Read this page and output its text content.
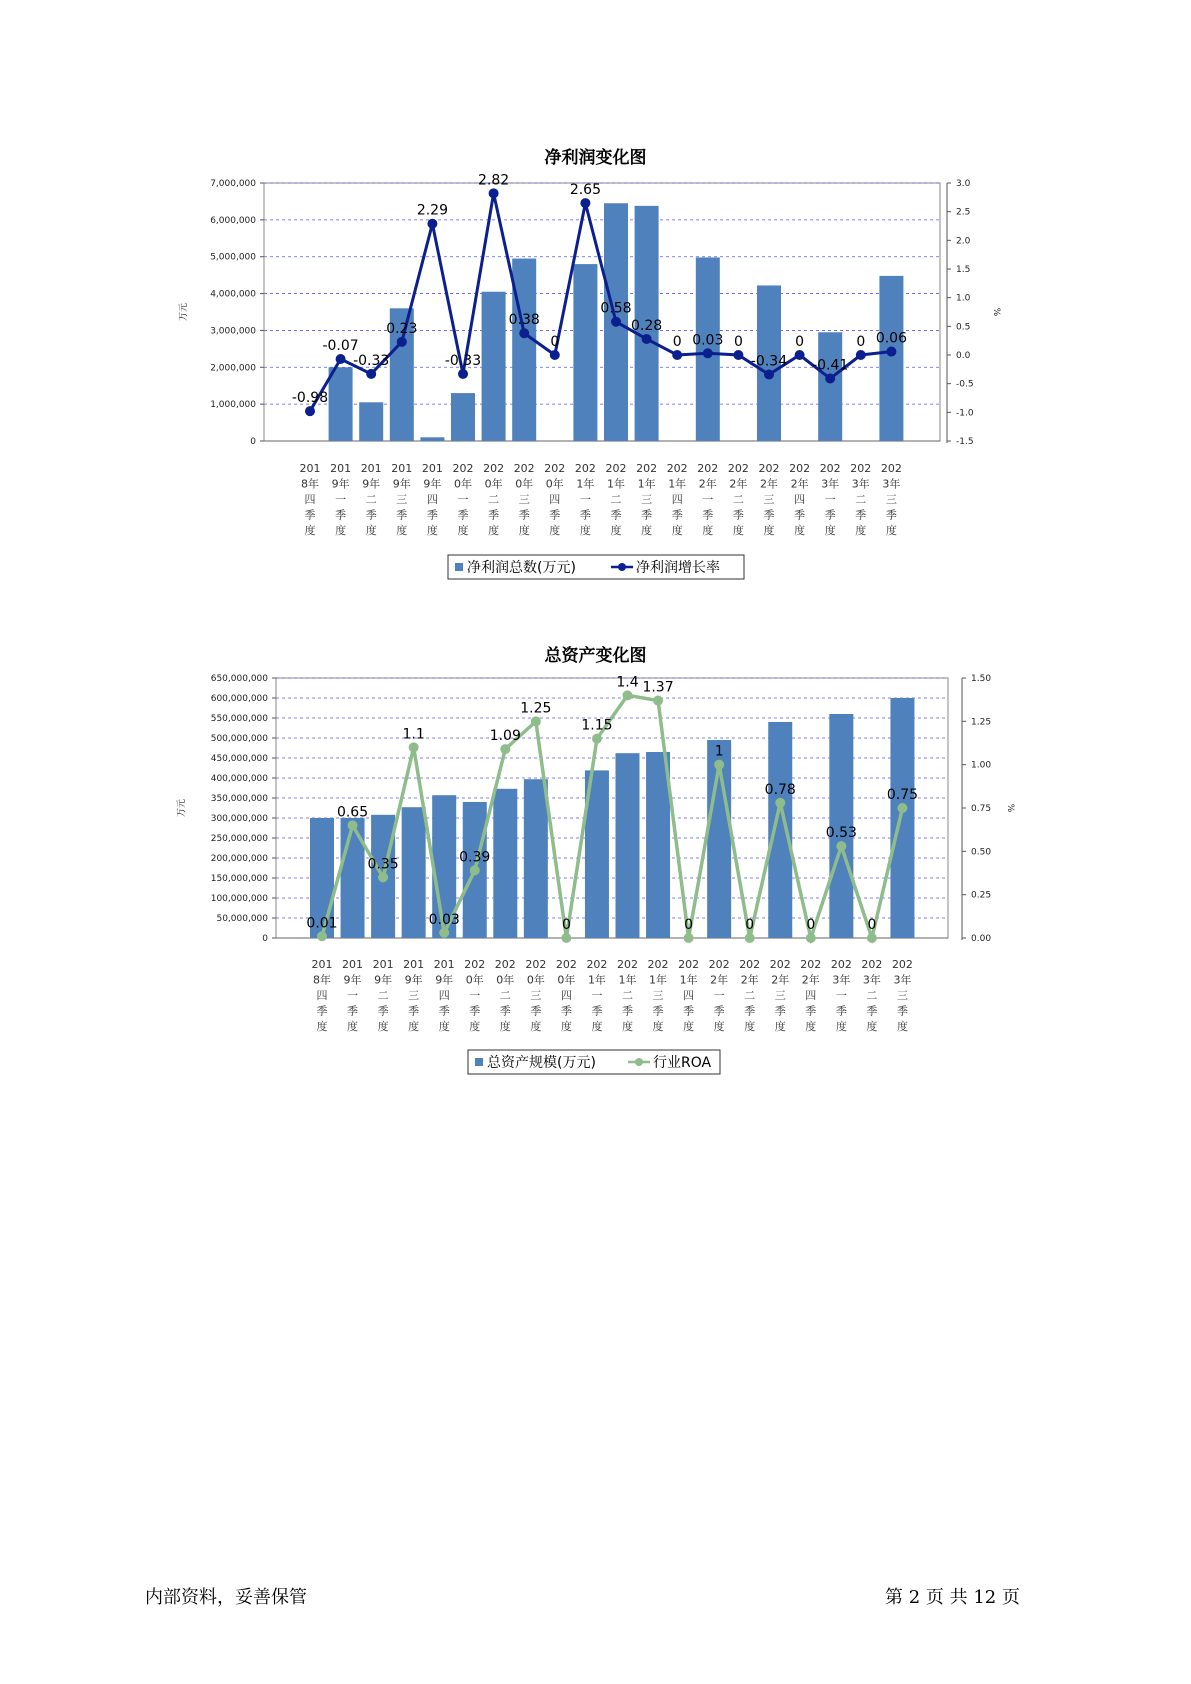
净利润变化图
0
1,000,000
2,000,000
3,000,000
4,000,000
5,000,000
6,000,000
7,000,000
-1.5
-1.0
-0.5
0.0
0.5
1.0
1.5
2.0
2.5
3.0
万元	%
201
8年
四
季
度
201
9年
一
季
度
201
9年
二
季
度
201
9年
三
季
度
201
9年
四
季
度
202
0年
一
季
度
202
0年
二
季
度
202
0年
三
季
度
202
0年
四
季
度
202
1年
一
季
度
202
1年
二
季
度
202
1年
三
季
度
202
1年
四
季
度
202
2年
一
季
度
202
2年
二
季
度
202
2年
三
季
度
202
2年
四
季
度
202
3年
一
季
度
202
3年
二
季
度
202
3年
三
季
度
-0.98
-0.07
-0.33
0.23
2.29
-0.33
2.82
0.38
0
2.65
0.58
0.28
0 0.03 0
-0.34
0
-0.41
0 0.06
净利润总数(万元)	净利润增长率
总资产变化图
0
50,000,000
100,000,000
150,000,000
200,000,000
250,000,000
300,000,000
350,000,000
400,000,000
450,000,000
500,000,000
550,000,000
600,000,000
650,000,000
0.00
0.25
0.50
0.75
1.00
1.25
1.50
万元	%
201
8年
四
季
度
201
9年
一
季
度
201
9年
二
季
度
201
9年
三
季
度
201
9年
四
季
度
202
0年
一
季
度
202
0年
二
季
度
202
0年
三
季
度
202
0年
四
季
度
202
1年
一
季
度
202
1年
二
季
度
202
1年
三
季
度
202
1年
四
季
度
202
2年
一
季
度
202
2年
二
季
度
202
2年
三
季
度
202
2年
四
季
度
202
3年
一
季
度
202
3年
二
季
度
202
3年
三
季
度
0.01
0.65
0.35
1.1
0.03
0.39
1.09
1.25
0
1.15
1.4 1.37
0
1
0
0.78
0
0.53
0
0.75
总资产规模(万元)	行业ROA
内部资料，妥善保管	第 2 页 共 12 页
